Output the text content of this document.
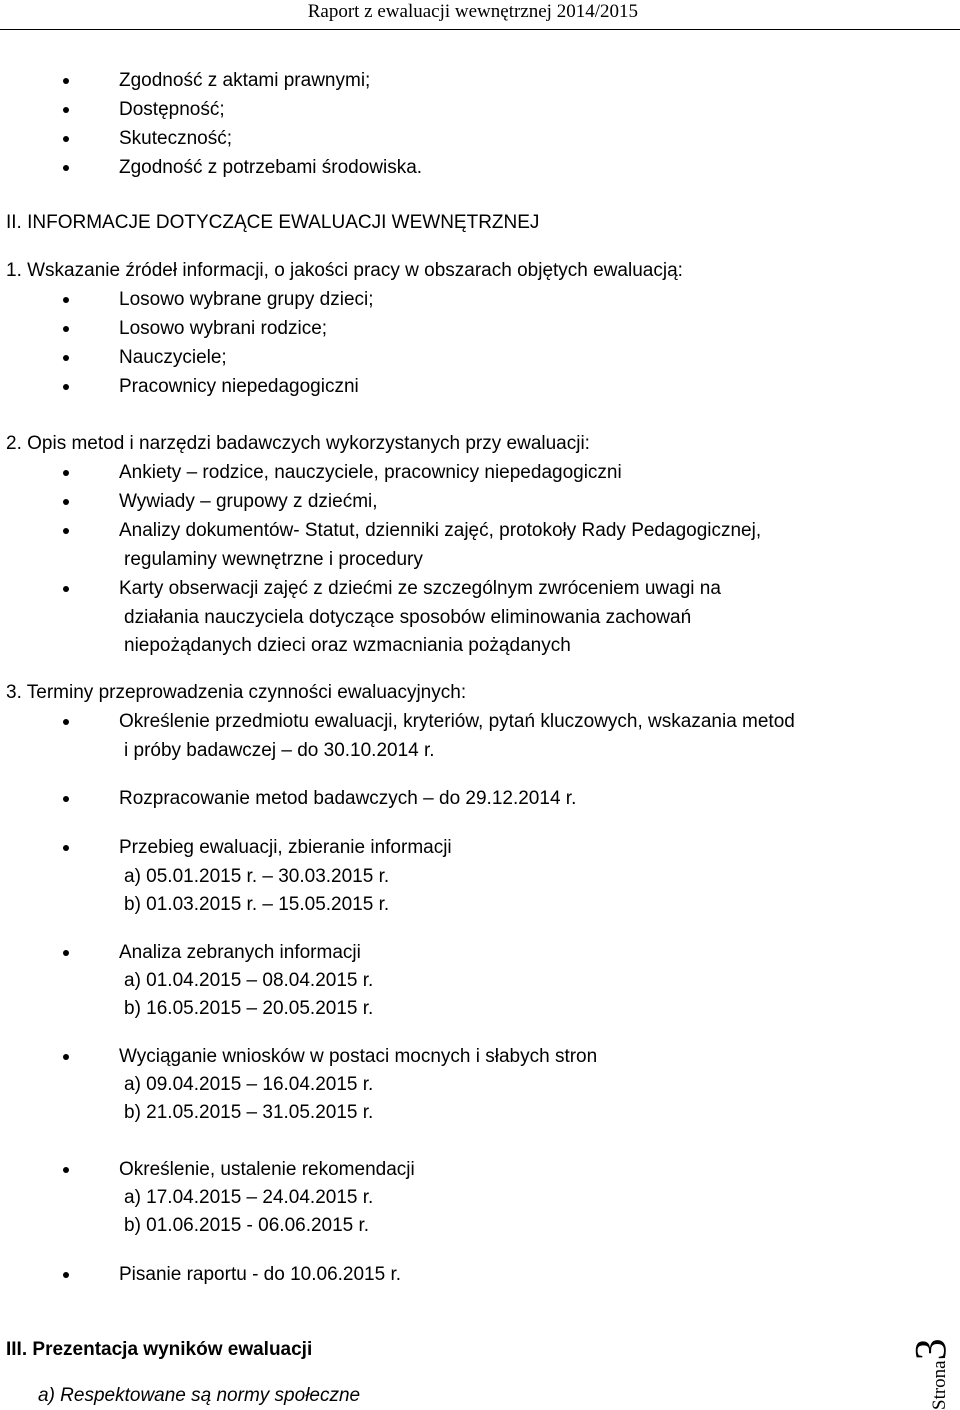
Raport z ewaluacji wewnętrznej 2014/2015
Zgodność z aktami prawnymi;
Dostępność;
Skuteczność;
Zgodność z potrzebami środowiska.
II. INFORMACJE DOTYCZĄCE EWALUACJI WEWNĘTRZNEJ
1. Wskazanie źródeł informacji, o jakości pracy w obszarach objętych ewaluacją:
Losowo wybrane grupy dzieci;
Losowo wybrani rodzice;
Nauczyciele;
Pracownicy niepedagogiczni
2. Opis metod i narzędzi badawczych wykorzystanych przy ewaluacji:
Ankiety – rodzice, nauczyciele, pracownicy niepedagogiczni
Wywiady – grupowy z dziećmi,
Analizy dokumentów- Statut, dzienniki zajęć, protokoły Rady Pedagogicznej,
regulaminy wewnętrzne i procedury
Karty obserwacji zajęć z dziećmi ze szczególnym zwróceniem uwagi na
działania nauczyciela dotyczące sposobów eliminowania zachowań
niepożądanych dzieci oraz wzmacniania pożądanych
3. Terminy przeprowadzenia czynności ewaluacyjnych:
Określenie przedmiotu ewaluacji, kryteriów, pytań kluczowych, wskazania metod
i próby badawczej – do 30.10.2014 r.
Rozpracowanie metod badawczych – do 29.12.2014 r.
Przebieg ewaluacji, zbieranie informacji
a) 05.01.2015 r. – 30.03.2015 r.
b) 01.03.2015 r. – 15.05.2015 r.
Analiza zebranych informacji
a) 01.04.2015 – 08.04.2015 r.
b) 16.05.2015 – 20.05.2015 r.
Wyciąganie wniosków w postaci mocnych i słabych stron
a) 09.04.2015 – 16.04.2015 r.
b) 21.05.2015 – 31.05.2015 r.
Określenie, ustalenie rekomendacji
a) 17.04.2015 – 24.04.2015 r.
b) 01.06.2015 - 06.06.2015 r.
Pisanie raportu - do 10.06.2015 r.
III. Prezentacja wyników ewaluacji
a) Respektowane są normy społeczne	Strona3
